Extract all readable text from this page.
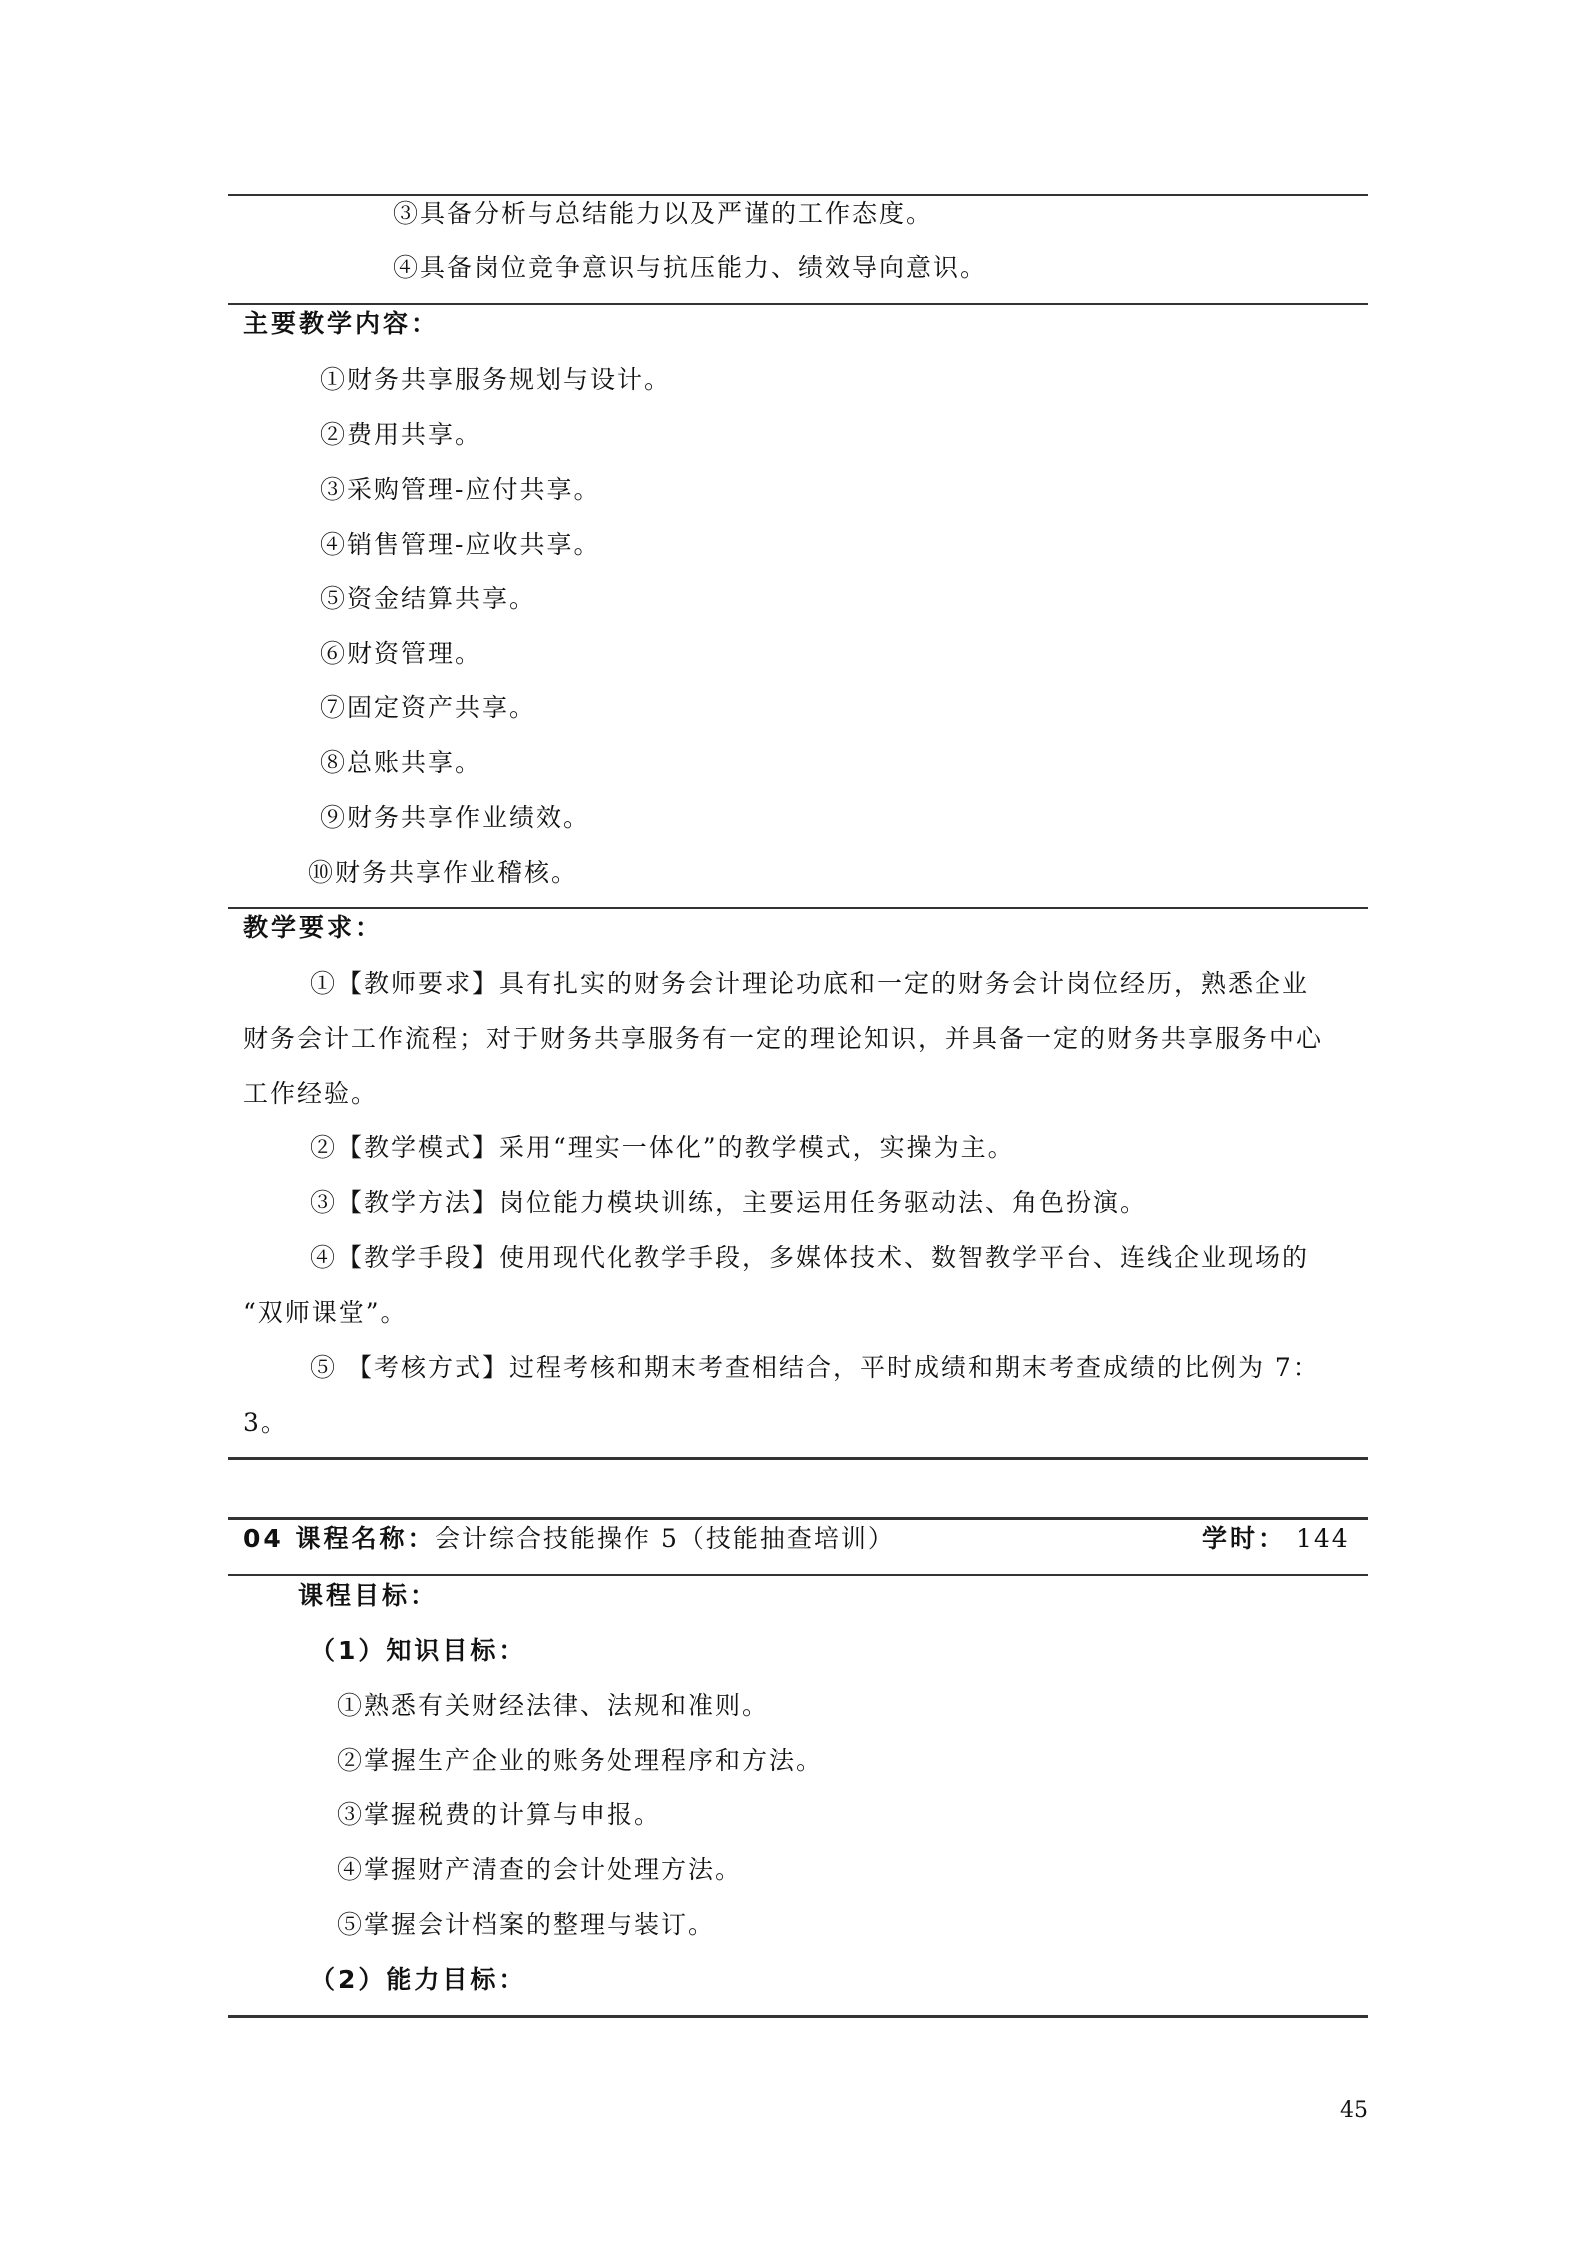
③具备分析与总结能力以及严谨的工作态度。
④具备岗位竞争意识与抗压能力、绩效导向意识。
主要教学内容：
①财务共享服务规划与设计。
②费用共享。
③采购管理-应付共享。
④销售管理-应收共享。
⑤资金结算共享。
⑥财资管理。
⑦固定资产共享。
⑧总账共享。
⑨财务共享作业绩效。
⑩财务共享作业稽核。
教学要求：
①【教师要求】具有扎实的财务会计理论功底和一定的财务会计岗位经历，熟悉企业
财务会计工作流程；对于财务共享服务有一定的理论知识，并具备一定的财务共享服务中心
工作经验。
②【教学模式】采用“理实一体化”的教学模式，实操为主。
③【教学方法】岗位能力模块训练，主要运用任务驱动法、角色扮演。
④【教学手段】使用现代化教学手段，多媒体技术、数智教学平台、连线企业现场的
“双师课堂”。
⑤ 【考核方式】过程考核和期末考查相结合，平时成绩和期末考查成绩的比例为 7：
3。
04 课程名称： 会计综合技能操作 5（技能抽查培训）	学时： 144
课程目标：
（1）知识目标：
①熟悉有关财经法律、法规和准则。
②掌握生产企业的账务处理程序和方法。
③掌握税费的计算与申报。
④掌握财产清查的会计处理方法。
⑤掌握会计档案的整理与装订。
（2）能力目标：
45
